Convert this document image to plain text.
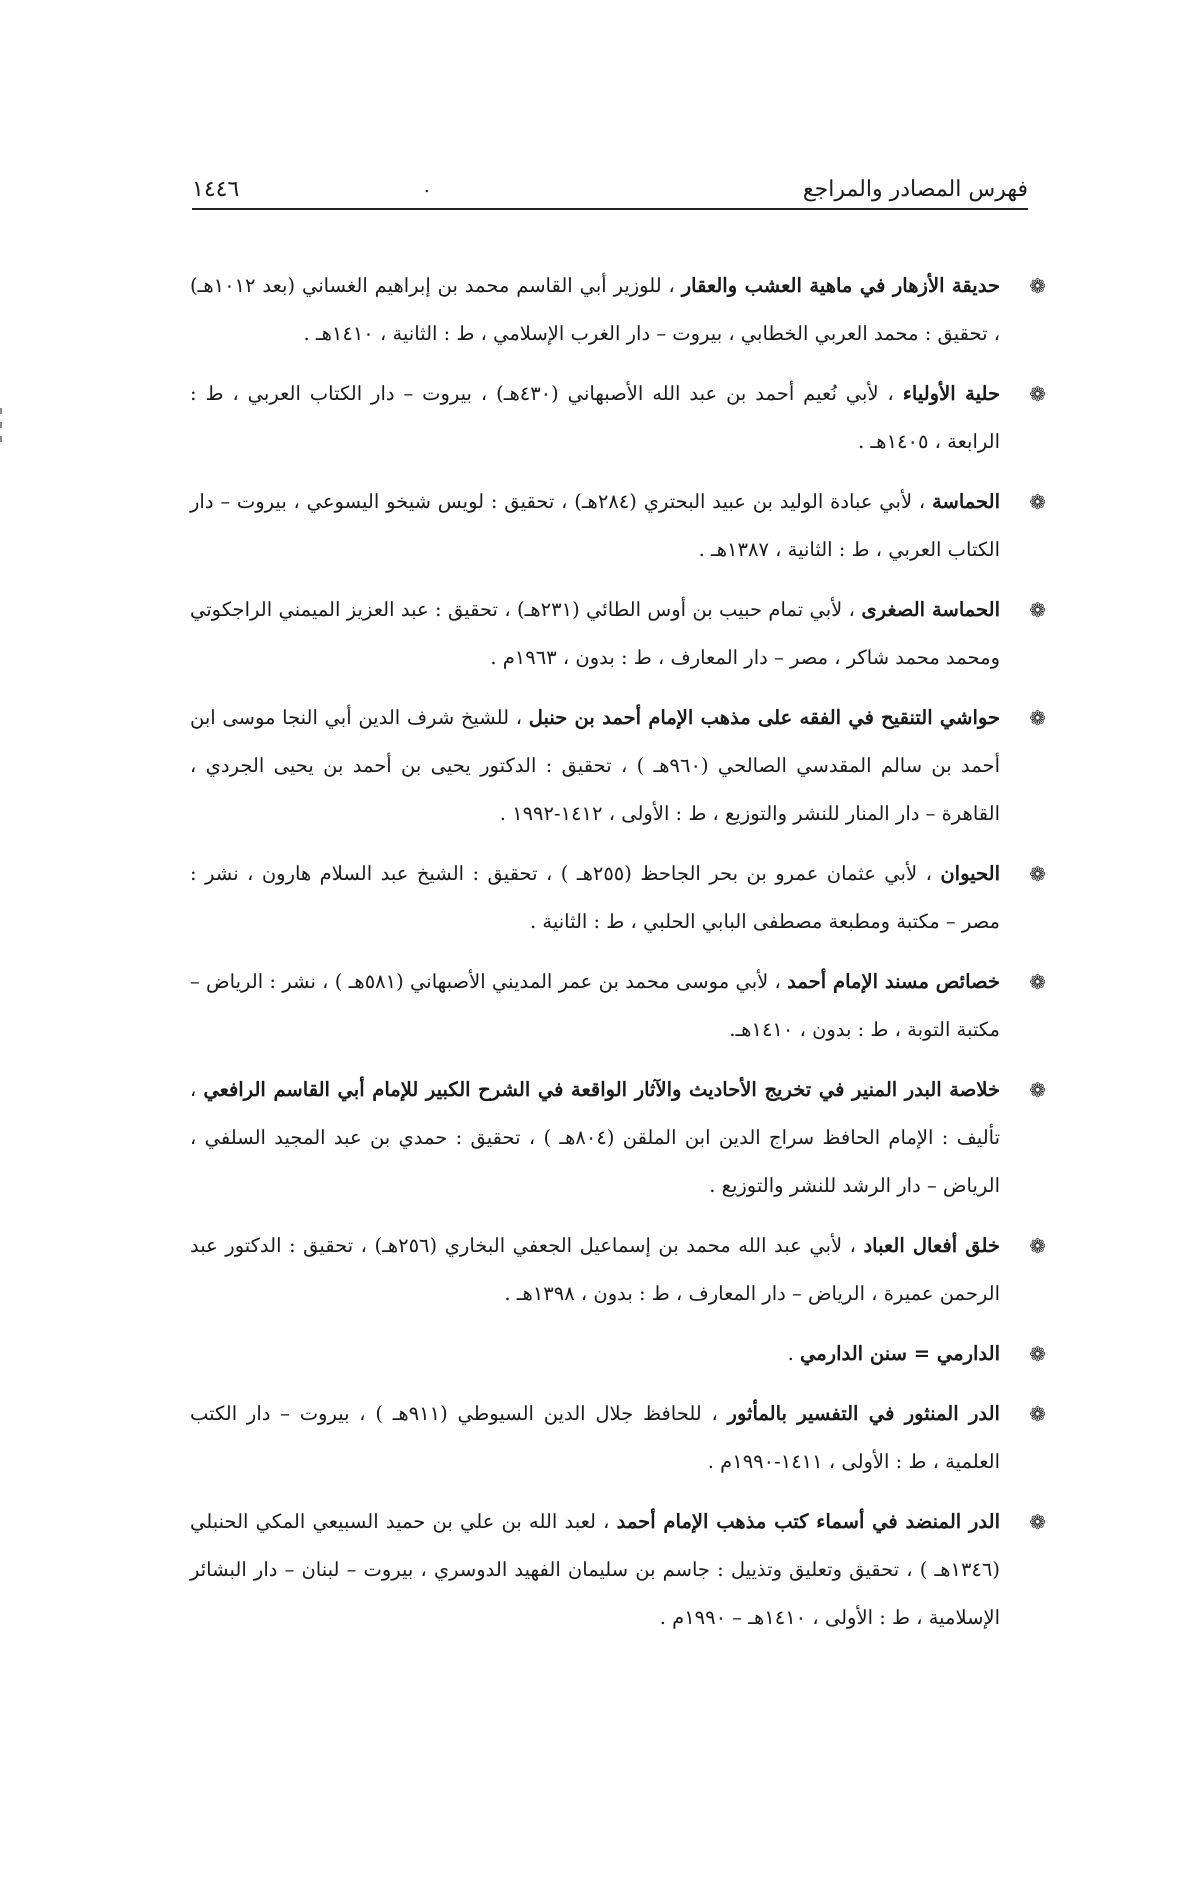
فهرس المصادر والمراجع
.
١٤٤٦
❁
حديقة الأزهار في ماهية العشب والعقار ، للوزير أبي القاسم محمد بن إبراهيم الغساني (بعد ١٠١٢هـ) ، تحقيق : محمد العربي الخطابي ، بيروت – دار الغرب الإسلامي ، ط : الثانية ، ١٤١٠هـ .
❁
حلية الأولياء ، لأبي نُعيم أحمد بن عبد الله الأصبهاني (٤٣٠هـ) ، بيروت – دار الكتاب العربي ، ط : الرابعة ، ١٤٠٥هـ .
❁
الحماسة ، لأبي عبادة الوليد بن عبيد البحتري (٢٨٤هـ) ، تحقيق : لويس شيخو اليسوعي ، بيروت – دار الكتاب العربي ، ط : الثانية ، ١٣٨٧هـ .
❁
الحماسة الصغرى ، لأبي تمام حبيب بن أوس الطائي (٢٣١هـ) ، تحقيق : عبد العزيز الميمني الراجكوتي ومحمد محمد شاكر ، مصر – دار المعارف ، ط : بدون ، ١٩٦٣م .
❁
حواشي التنقيح في الفقه على مذهب الإمام أحمد بن حنبل ، للشيخ شرف الدين أبي النجا موسى ابن أحمد بن سالم المقدسي الصالحي (٩٦٠هـ ) ، تحقيق : الدكتور يحيى بن أحمد بن يحيى الجردي ، القاهرة – دار المنار للنشر والتوزيع ، ط : الأولى ، ١٤١٢-١٩٩٢ .
❁
الحيوان ، لأبي عثمان عمرو بن بحر الجاحظ (٢٥٥هـ ) ، تحقيق : الشيخ عبد السلام هارون ، نشر : مصر – مكتبة ومطبعة مصطفى البابي الحلبي ، ط : الثانية .
❁
خصائص مسند الإمام أحمد ، لأبي موسى محمد بن عمر المديني الأصبهاني (٥٨١هـ ) ، نشر : الرياض – مكتبة التوبة ، ط : بدون ، ١٤١٠هـ.
❁
خلاصة البدر المنير في تخريج الأحاديث والآثار الواقعة في الشرح الكبير للإمام أبي القاسم الرافعي ، تأليف : الإمام الحافظ سراج الدين ابن الملقن (٨٠٤هـ ) ، تحقيق : حمدي بن عبد المجيد السلفي ، الرياض – دار الرشد للنشر والتوزيع .
❁
خلق أفعال العباد ، لأبي عبد الله محمد بن إسماعيل الجعفي البخاري (٢٥٦هـ) ، تحقيق : الدكتور عبد الرحمن عميرة ، الرياض – دار المعارف ، ط : بدون ، ١٣٩٨هـ .
❁
الدارمي = سنن الدارمي .
❁
الدر المنثور في التفسير بالمأثور ، للحافظ جلال الدين السيوطي (٩١١هـ ) ، بيروت – دار الكتب العلمية ، ط : الأولى ، ١٤١١-١٩٩٠م .
❁
الدر المنضد في أسماء كتب مذهب الإمام أحمد ، لعبد الله بن علي بن حميد السبيعي المكي الحنبلي (١٣٤٦هـ ) ، تحقيق وتعليق وتذييل : جاسم بن سليمان الفهيد الدوسري ، بيروت – لبنان – دار البشائر الإسلامية ، ط : الأولى ، ١٤١٠هـ – ١٩٩٠م .
